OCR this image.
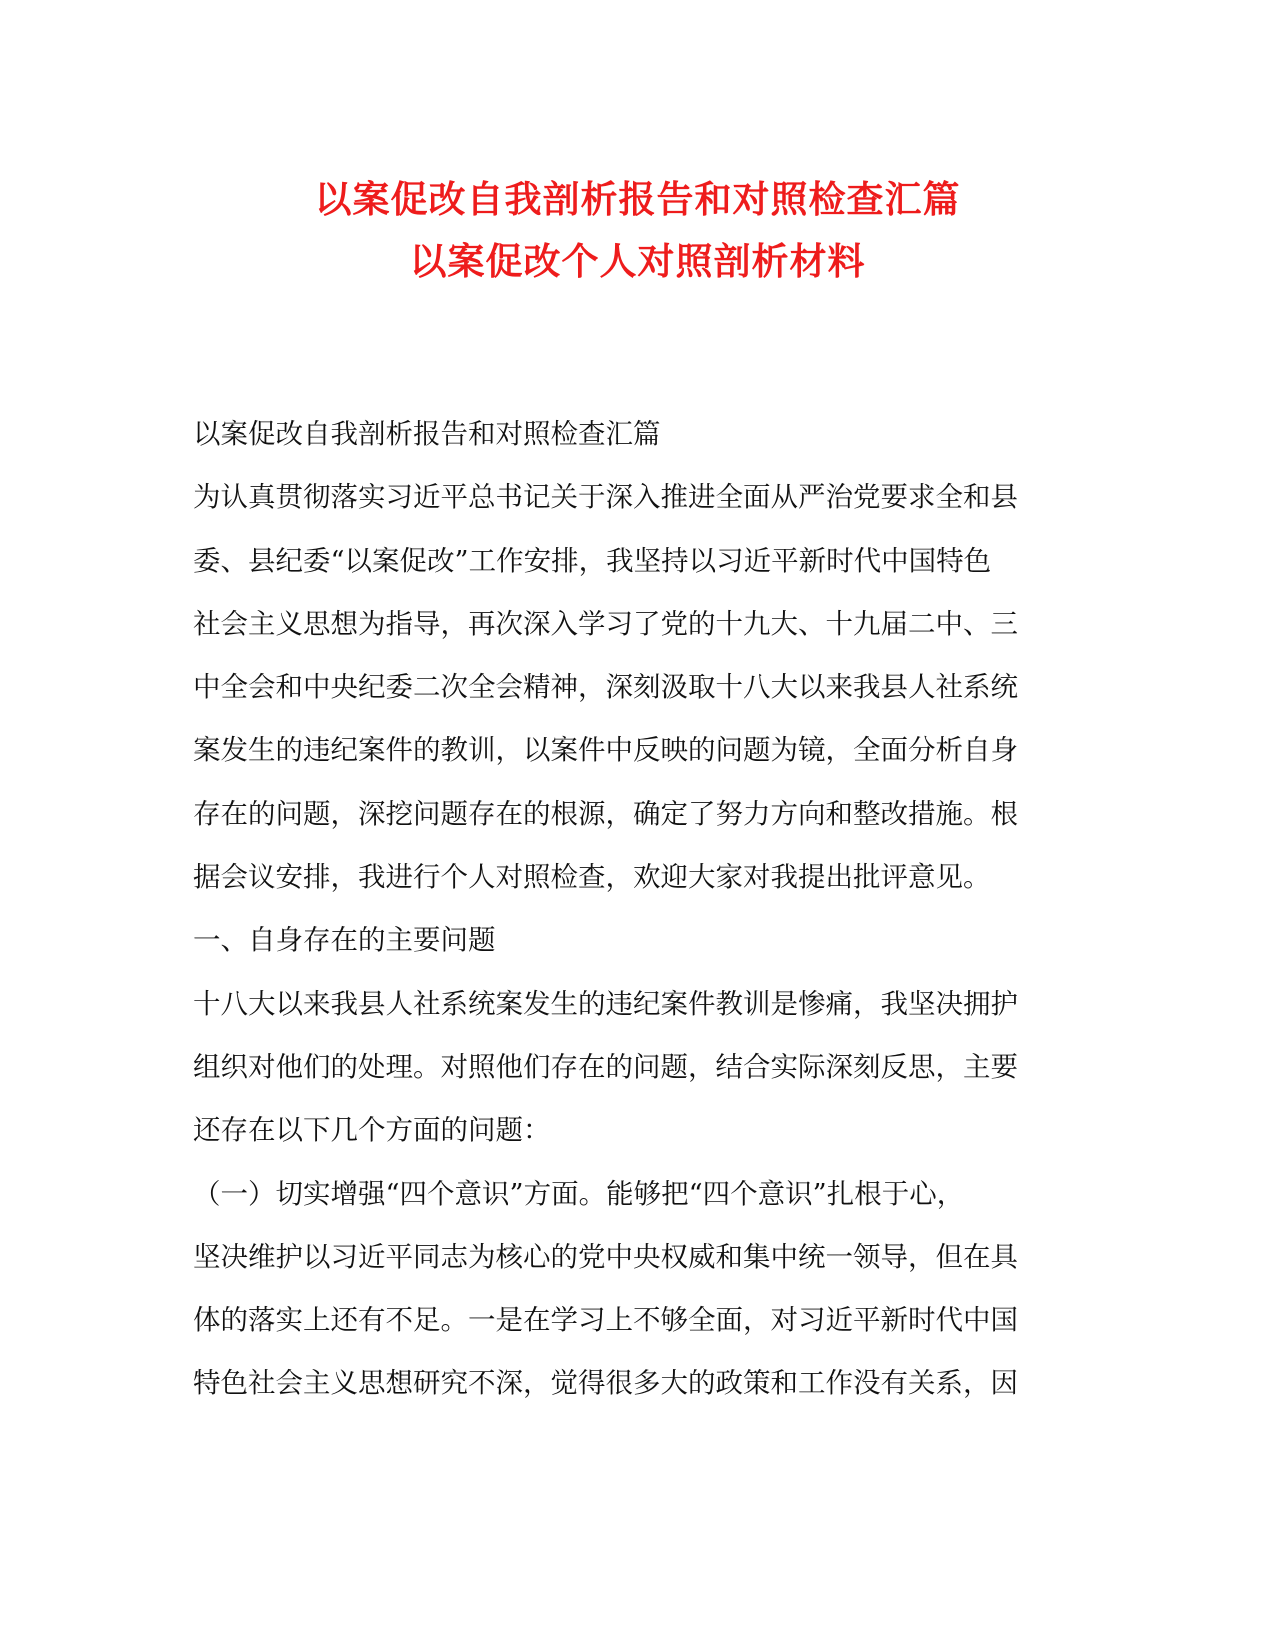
以案促改自我剖析报告和对照检查汇篇
以案促改个人对照剖析材料
以案促改自我剖析报告和对照检查汇篇
为认真贯彻落实习近平总书记关于深入推进全面从严治党要求全和县
委、县纪委“以案促改”工作安排，我坚持以习近平新时代中国特色
社会主义思想为指导，再次深入学习了党的十九大、十九届二中、三
中全会和中央纪委二次全会精神，深刻汲取十八大以来我县人社系统
案发生的违纪案件的教训，以案件中反映的问题为镜，全面分析自身
存在的问题，深挖问题存在的根源，确定了努力方向和整改措施。根
据会议安排，我进行个人对照检查，欢迎大家对我提出批评意见。
一、自身存在的主要问题
十八大以来我县人社系统案发生的违纪案件教训是惨痛，我坚决拥护
组织对他们的处理。对照他们存在的问题，结合实际深刻反思，主要
还存在以下几个方面的问题：
（一）切实增强“四个意识”方面。能够把“四个意识”扎根于心，
坚决维护以习近平同志为核心的党中央权威和集中统一领导，但在具
体的落实上还有不足。一是在学习上不够全面，对习近平新时代中国
特色社会主义思想研究不深，觉得很多大的政策和工作没有关系，因
